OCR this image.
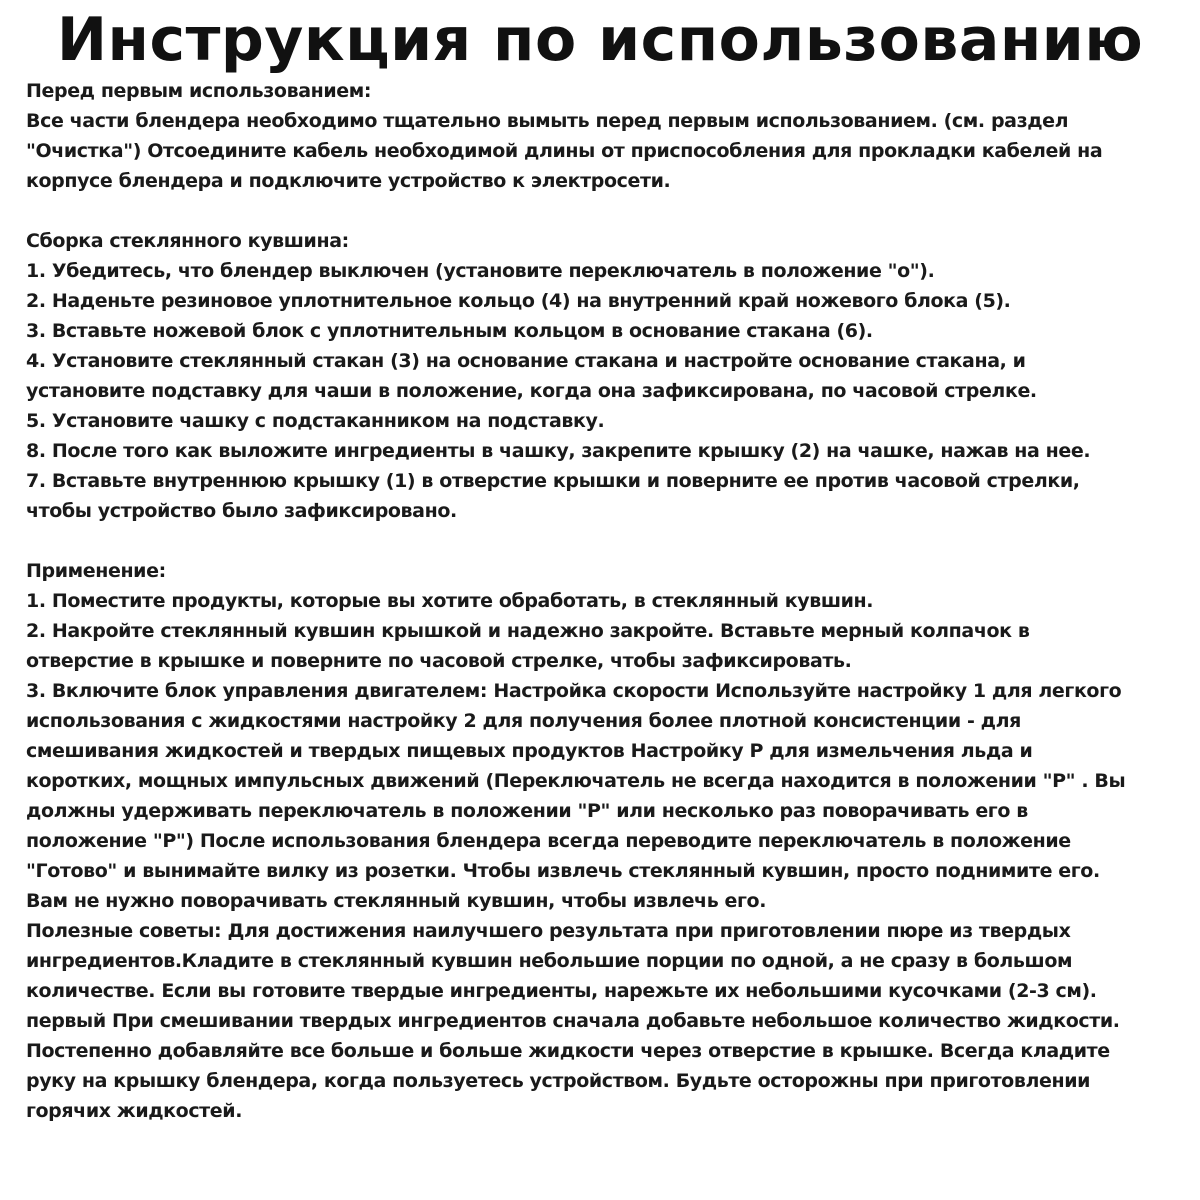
Инструкция по использованию

Перед первым использованием:

Все части блендера необходимо тщательно вымыть перед первым использованием. (см. раздел "Очистка") Отсоедините кабель необходимой длины от приспособления для прокладки кабелей на корпусе блендера и подключите устройство к электросети.

Сборка стеклянного кувшина:

1. Убедитесь, что блендер выключен (установите переключатель в положение "о").

2. Наденьте резиновое уплотнительное кольцо (4) на внутренний край ножевого блока (5).

3. Вставьте ножевой блок с уплотнительным кольцом в основание стакана (6).

4. Установите стеклянный стакан (3) на основание стакана и настройте основание стакана, и установите подставку для чаши в положение, когда она зафиксирована, по часовой стрелке.

5. Установите чашку с подстаканником на подставку.

8. После того как выложите ингредиенты в чашку, закрепите крышку (2) на чашке, нажав на нее.

7. Вставьте внутреннюю крышку (1) в отверстие крышки и поверните ее против часовой стрелки, чтобы устройство было зафиксировано.

Применение:

1. Поместите продукты, которые вы хотите обработать, в стеклянный кувшин.

2. Накройте стеклянный кувшин крышкой и надежно закройте. Вставьте мерный колпачок в отверстие в крышке и поверните по часовой стрелке, чтобы зафиксировать.

3. Включите блок управления двигателем: Настройка скорости Используйте настройку 1 для легкого использования с жидкостями настройку 2 для получения более плотной консистенции - для смешивания жидкостей и твердых пищевых продуктов Настройку P для измельчения льда и коротких, мощных импульсных движений (Переключатель не всегда находится в положении "P" . Вы должны удерживать переключатель в положении "P" или несколько раз поворачивать его в положение "P") После использования блендера всегда переводите переключатель в положение "Готово" и вынимайте вилку из розетки. Чтобы извлечь стеклянный кувшин, просто поднимите его. Вам не нужно поворачивать стеклянный кувшин, чтобы извлечь его.

Полезные советы: Для достижения наилучшего результата при приготовлении пюре из твердых ингредиентов.Кладите в стеклянный кувшин небольшие порции по одной, а не сразу в большом количестве. Если вы готовите твердые ингредиенты, нарежьте их небольшими кусочками (2-3 см). первый При смешивании твердых ингредиентов сначала добавьте небольшое количество жидкости. Постепенно добавляйте все больше и больше жидкости через отверстие в крышке. Всегда кладите руку на крышку блендера, когда пользуетесь устройством. Будьте осторожны при приготовлении горячих жидкостей.
